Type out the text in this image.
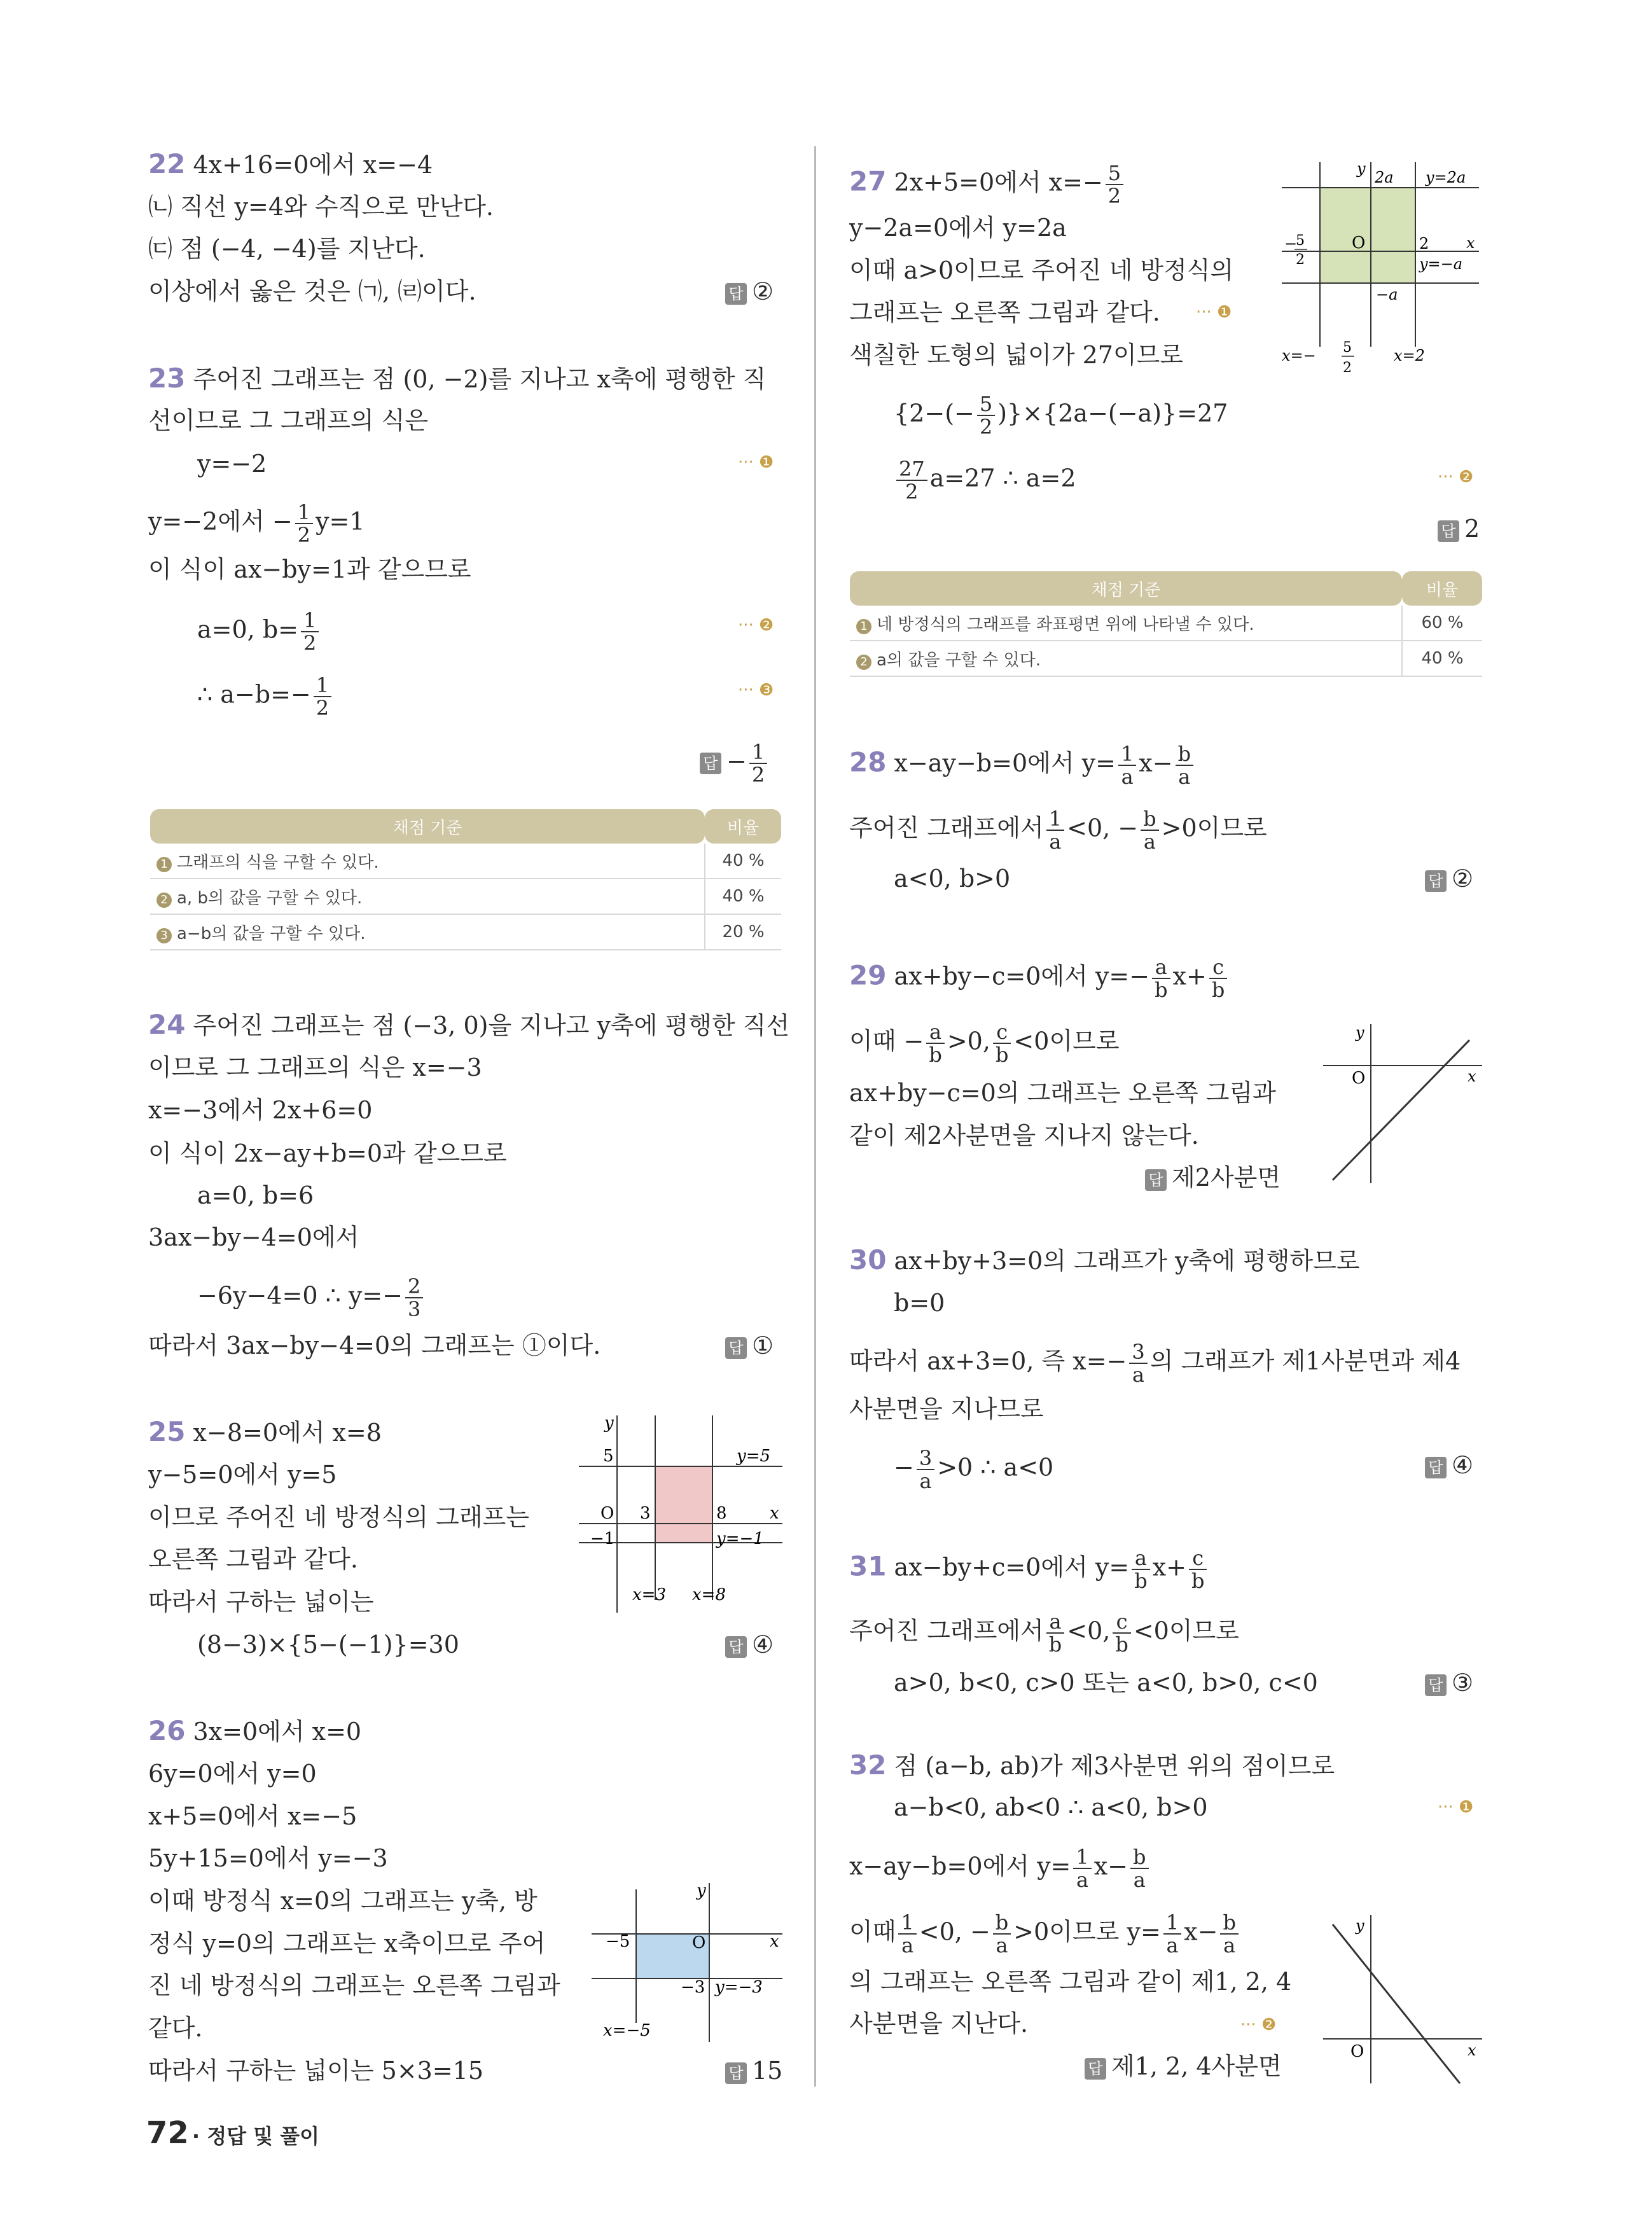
22 4x+16=0에서 x=−4
㈁ 직선 y=4와 수직으로 만난다.
㈂ 점 (−4, −4)를 지난다.
이상에서 옳은 것은 ㈀, ㈃이다.	답 ②
23 주어진 그래프는 점 (0, −2)를 지나고 x축에 평행한 직
선이므로 그 그래프의 식은
y=−2	··· ❶
y=−2에서 − $\frac{1}{2} y=1$
이 식이 ax−by=1과 같으므로
a=0, $b= \frac{1}{2}$	··· ❷
∴ $a-b=- \frac{1}{2}$	··· ❸
답 − $\frac{1}{2}$
채점 기준	비율
1 그래프의 식을 구할 수 있다.	40 %
2 a, b의 값을 구할 수 있다.	40 %
3 a−b의 값을 구할 수 있다.	20 %
24 주어진 그래프는 점 (−3, 0)을 지나고 y축에 평행한 직선
이므로 그 그래프의 식은 x=−3
x=−3에서 2x+6=0
이 식이 2x−ay+b=0과 같으므로
a=0, b=6
3ax−by−4=0에서
−6y−4=0 ∴ $y=- \frac{2}{3}$
따라서 3ax−by−4=0의 그래프는 ①이다.	답 ①
25 x−8=0에서 x=8
y−5=0에서 y=5
이므로 주어진 네 방정식의 그래프는
오른쪽 그림과 같다.
따라서 구하는 넓이는
(8−3)×{5−(−1)}=30	답 ④
y
x
O
5
3	8
−1
y=5
y=−1
x=3 x=8
26 3x=0에서 x=0
6y=0에서 y=0
x+5=0에서 x=−5
5y+15=0에서 y=−3
이때 방정식 x=0의 그래프는 y축, 방
정식 y=0의 그래프는 x축이므로 주어
진 네 방정식의 그래프는 오른쪽 그림과
같다.
따라서 구하는 넓이는 5×3=15	답 15
y
x
O
−5
−3 y=−3
x=−5
27 2x+5=0에서 $x=- \frac{5}{2}$
y−2a=0에서 y=2a
이때 a>0이므로 주어진 네 방정식의
그래프는 오른쪽 그림과 같다. ··· ❶
색칠한 도형의 넓이가 27이므로
$\{2-(- \frac{5}{2} )\}\times\{2a-(-a)\}=27$
$\frac{27}{2} a=27$ ∴ a=2	··· ❷
답 2
y
x
O
2a y=2a
−
5
2
2
y=−a
−a
x=− 5
2
x=2
채점 기준	비율
1 네 방정식의 그래프를 좌표평면 위에 나타낼 수 있다.	60 %
2 a의 값을 구할 수 있다.	40 %
28 x−ay−b=0에서 $y= \frac{1}{a} x- \frac{b}{a}$
주어진 그래프에서 $\frac{1}{a} <0$, − $\frac{b}{a} >0$이므로
a<0, b>0	답 ②
29 ax+by−c=0에서 $y=- \frac{a}{b} x+ \frac{c}{b}$
이때 − $\frac{a}{b} >0$, $\frac{c}{b} <0$이므로
ax+by−c=0의 그래프는 오른쪽 그림과
같이 제2사분면을 지나지 않는다.
답 제2사분면
y
x
O
30 ax+by+3=0의 그래프가 y축에 평행하므로
b=0
따라서 ax+3=0, 즉 $x=- \frac{3}{a}$ 의 그래프가 제1사분면과 제4
사분면을 지나므로
− $\frac{3}{a} >0$ ∴ a<0	답 ④
31 ax−by+c=0에서 $y= \frac{a}{b} x+ \frac{c}{b}$
주어진 그래프에서 $\frac{a}{b} <0$, $\frac{c}{b} <0$이므로
a>0, b<0, c>0 또는 a<0, b>0, c<0	답 ③
32 점 (a−b, ab)가 제3사분면 위의 점이므로
a−b<0, ab<0 ∴ a<0, b>0	··· ❶
x−ay−b=0에서 $y= \frac{1}{a} x- \frac{b}{a}$
이때 $\frac{1}{a} <0$, − $\frac{b}{a} >0$이므로 $y= \frac{1}{a} x- \frac{b}{a}$
의 그래프는 오른쪽 그림과 같이 제1, 2, 4
사분면을 지난다.	··· ❷
답 제1, 2, 4사분면
y
x
O
72 · 정답 및 풀이
